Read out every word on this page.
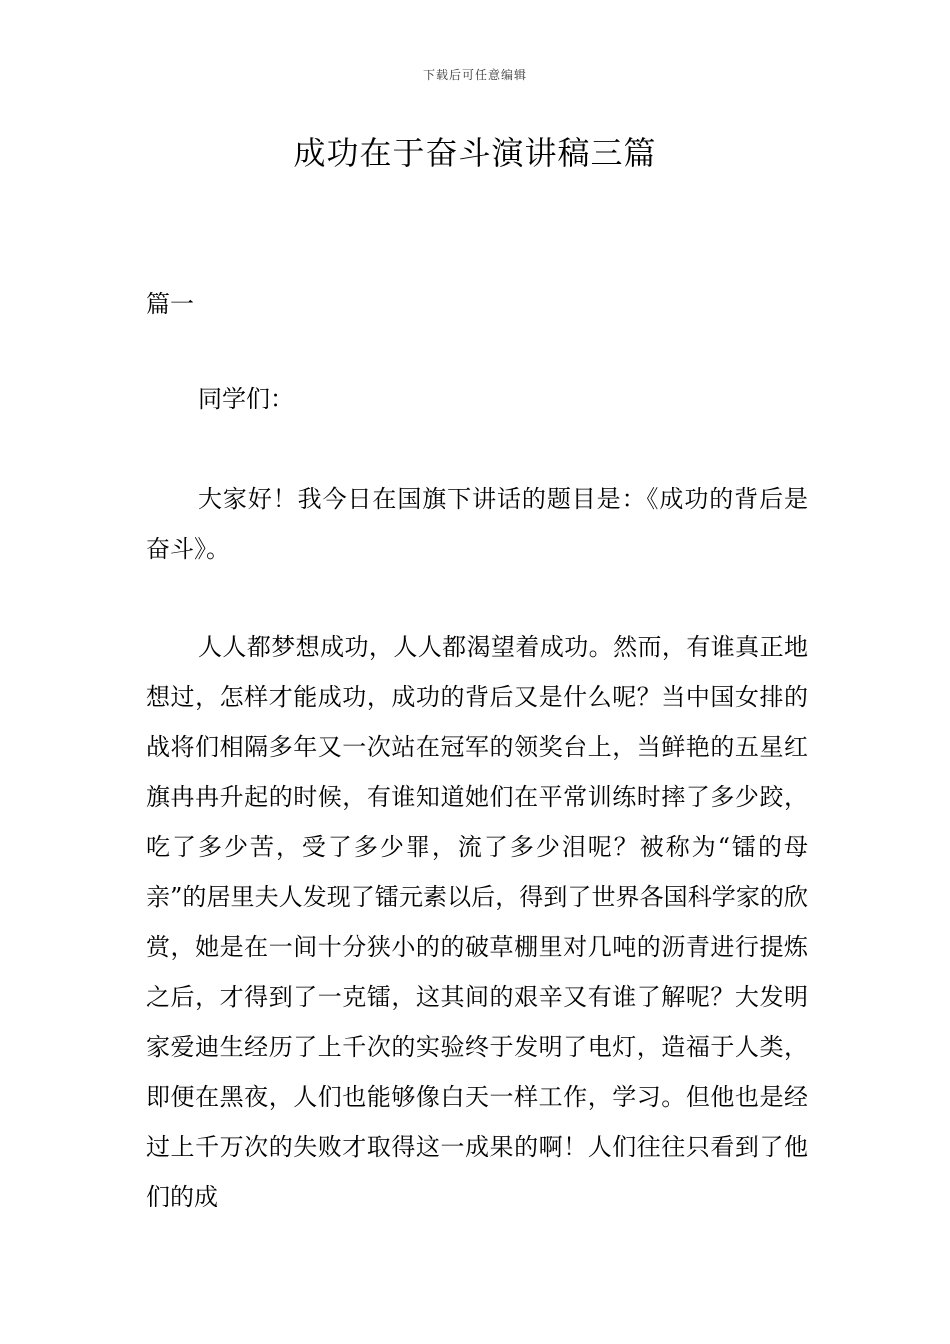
下载后可任意编辑
成功在于奋斗演讲稿三篇
篇一

同学们：

大家好！我今日在国旗下讲话的题目是：《成功的背后是奋斗》。

人人都梦想成功，人人都渴望着成功。然而，有谁真正地想过，怎样才能成功，成功的背后又是什么呢？当中国女排的战将们相隔多年又一次站在冠军的领奖台上，当鲜艳的五星红旗冉冉升起的时候，有谁知道她们在平常训练时摔了多少跤，吃了多少苦，受了多少罪，流了多少泪呢？被称为“镭的母亲”的居里夫人发现了镭元素以后，得到了世界各国科学家的欣赏，她是在一间十分狭小的的破草棚里对几吨的沥青进行提炼之后，才得到了一克镭，这其间的艰辛又有谁了解呢？大发明家爱迪生经历了上千次的实验终于发明了电灯，造福于人类，即便在黑夜，人们也能够像白天一样工作，学习。但他也是经过上千万次的失败才取得这一成果的啊！人们往往只看到了他们的成
